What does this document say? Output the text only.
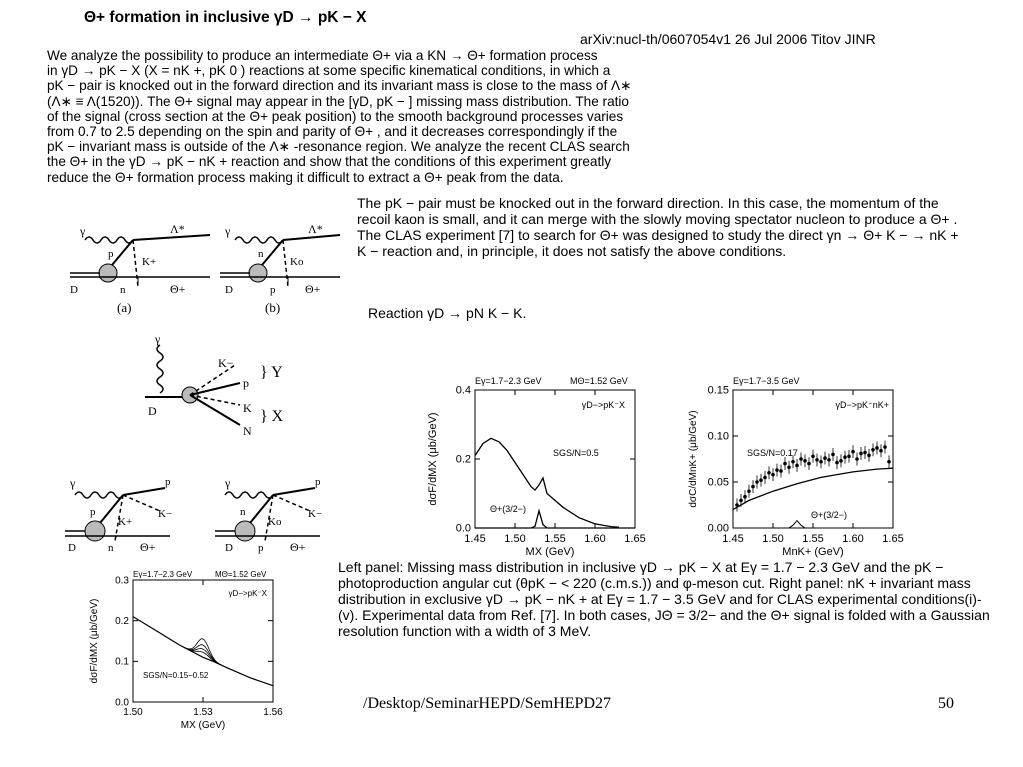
Θ+ formation in inclusive γD → pK − X
arXiv:nucl-th/0607054v1 26 Jul 2006 Titov JINR
We analyze the possibility to produce an intermediate Θ+ via a KN → Θ+ formation process
in γD → pK − X (X = nK +, pK 0 ) reactions at some specific kinematical conditions, in which a
pK − pair is knocked out in the forward direction and its invariant mass is close to the mass of Λ∗
(Λ∗ ≡ Λ(1520)). The Θ+ signal may appear in the [γD, pK − ] missing mass distribution. The ratio
of the signal (cross section at the Θ+ peak position) to the smooth background processes varies
from 0.7 to 2.5 depending on the spin and parity of Θ+ , and it decreases correspondingly if the
pK − invariant mass is outside of the Λ∗ -resonance region. We analyze the recent CLAS search
the Θ+ in the γD → pK − nK + reaction and show that the conditions of this experiment greatly
reduce the Θ+ formation process making it difficult to extract a Θ+ peak from the data.

The pK − pair must be knocked out in the forward direction. In this case, the momentum of the recoil kaon is small, and it can merge with the slowly moving spectator nucleon to produce a Θ+ .

The CLAS experiment [7] to search for Θ+ was designed to study the direct γn → Θ+ K − → nK + K − reaction and, in principle, it does not satisfy the above conditions.

Reaction γD → pN K − K.
γ	Λ*
p
K+
n
D	Θ+
(a)
γ	Λ*
n
Ko
p
D	Θ+
(b)
γ
K−
p
K
N
D
} Y
} X
γ	p
K−
p
K+
n
D	Θ+
γ	p
K−
n
Ko
p
D	Θ+
1.45 1.50 1.55 1.60 1.65
0.0
0.2
0.4
Eγ=1.7−2.3 GeV	MΘ=1.52 GeV
γD−>pK⁻X
SGS/N=0.5
Θ+(3/2−)
MX (GeV)
dσF/dMX (μb/GeV)
1.45 1.50 1.55 1.60 1.65
0.00
0.05
0.10
0.15
Eγ=1.7−3.5 GeV
γD−>pK⁻nK+
SGS/N=0.17
Θ+(3/2−)
MnK+ (GeV)
dσC/dMnK+ (μb/GeV)
1.50	1.53	1.56
0.0
0.1
0.2
0.3
Eγ=1.7−2.3 GeV	MΘ=1.52 GeV
γD−>pK⁻X
SGS/N=0.15−0.52
MX (GeV)
dσF/dMX (μb/GeV)
Left panel: Missing mass distribution in inclusive γD → pK − X at Eγ = 1.7 − 2.3 GeV and the pK − photoproduction angular cut (θpK − < 220 (c.m.s.)) and φ-meson cut. Right panel: nK + invariant mass distribution in exclusive γD → pK − nK + at Eγ = 1.7 − 3.5 GeV and for CLAS experimental conditions(i)-(v). Experimental data from Ref. [7]. In both cases, JΘ = 3/2− and the Θ+ signal is folded with a Gaussian resolution function with a width of 3 MeV.
/Desktop/SeminarHEPD/SemHEPD27	50
